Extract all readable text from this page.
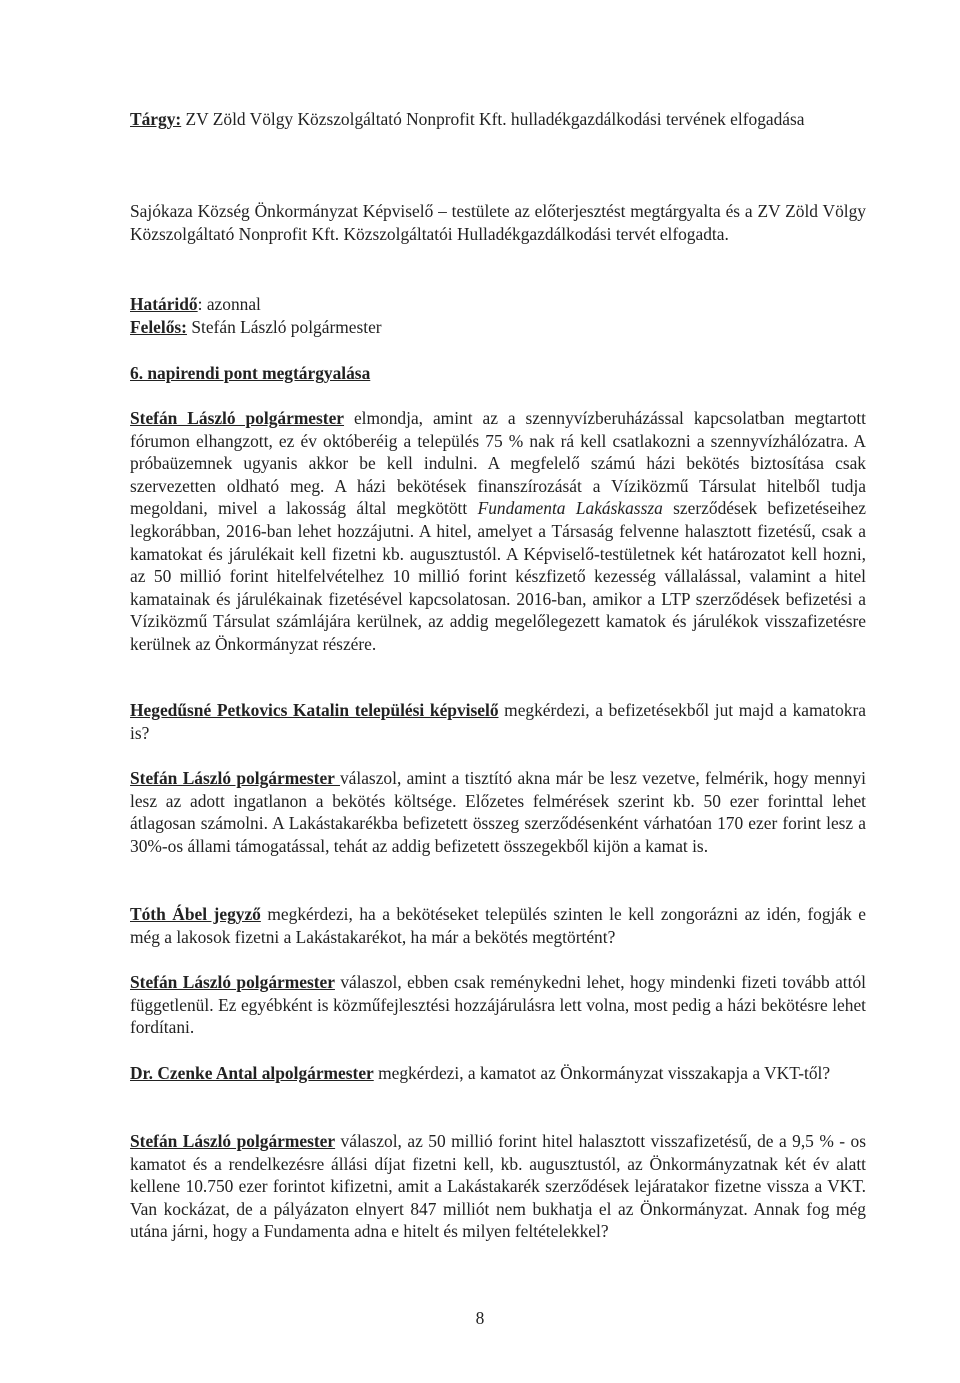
Tárgy: ZV Zöld Völgy Közszolgáltató Nonprofit Kft. hulladékgazdálkodási tervének elfogadása
Sajókaza Község Önkormányzat Képviselő – testülete az előterjesztést megtárgyalta és a ZV Zöld Völgy Közszolgáltató Nonprofit Kft. Közszolgáltatói Hulladékgazdálkodási tervét elfogadta.
Határidő: azonnal
Felelős: Stefán László polgármester
6. napirendi pont megtárgyalása
Stefán László polgármester elmondja, amint az a szennyvízberuházással kapcsolatban megtartott fórumon elhangzott, ez év októberéig a település 75 % nak rá kell csatlakozni a szennyvízhálózatra. A próbaüzemnek ugyanis akkor be kell indulni. A megfelelő számú házi bekötés biztosítása csak szervezetten oldható meg. A házi bekötések finanszírozását a Víziközmű Társulat hitelből tudja megoldani, mivel a lakosság által megkötött Fundamenta Lakáskassza szerződések befizetéseihez legkorábban, 2016-ban lehet hozzájutni. A hitel, amelyet a Társaság felvenne halasztott fizetésű, csak a kamatokat és járulékait kell fizetni kb. augusztustól. A Képviselő-testületnek két határozatot kell hozni, az 50 millió forint hitelfelvételhez 10 millió forint készfizető kezesség vállalással, valamint a hitel kamatainak és járulékainak fizetésével kapcsolatosan. 2016-ban, amikor a LTP szerződések befizetési a Víziközmű Társulat számlájára kerülnek, az addig megelőlegezett kamatok és járulékok visszafizetésre kerülnek az Önkormányzat részére.
Hegedűsné Petkovics Katalin települési képviselő megkérdezi, a befizetésekből jut majd a kamatokra is?
Stefán László polgármester válaszol, amint a tisztító akna már be lesz vezetve, felmérik, hogy mennyi lesz az adott ingatlanon a bekötés költsége. Előzetes felmérések szerint kb. 50 ezer forinttal lehet átlagosan számolni. A Lakástakarékba befizetett összeg szerződésenként várhatóan 170 ezer forint lesz a 30%-os állami támogatással, tehát az addig befizetett összegekből kijön a kamat is.
Tóth Ábel jegyző megkérdezi, ha a bekötéseket település szinten le kell zongorázni az idén, fogják e még a lakosok fizetni a Lakástakarékot, ha már a bekötés megtörtént?
Stefán László polgármester válaszol, ebben csak reménykedni lehet, hogy mindenki fizeti tovább attól függetlenül. Ez egyébként is közműfejlesztési hozzájárulásra lett volna, most pedig a házi bekötésre lehet fordítani.
Dr. Czenke Antal alpolgármester megkérdezi, a kamatot az Önkormányzat visszakapja a VKT-től?
Stefán László polgármester válaszol, az 50 millió forint hitel halasztott visszafizetésű, de a 9,5 % - os kamatot és a rendelkezésre állási díjat fizetni kell, kb. augusztustól, az Önkormányzatnak két év alatt kellene 10.750 ezer forintot kifizetni, amit a Lakástakarék szerződések lejáratakor fizetne vissza a VKT. Van kockázat, de a pályázaton elnyert 847 milliót nem bukhatja el az Önkormányzat. Annak fog még utána járni, hogy a Fundamenta adna e hitelt és milyen feltételekkel?
8
